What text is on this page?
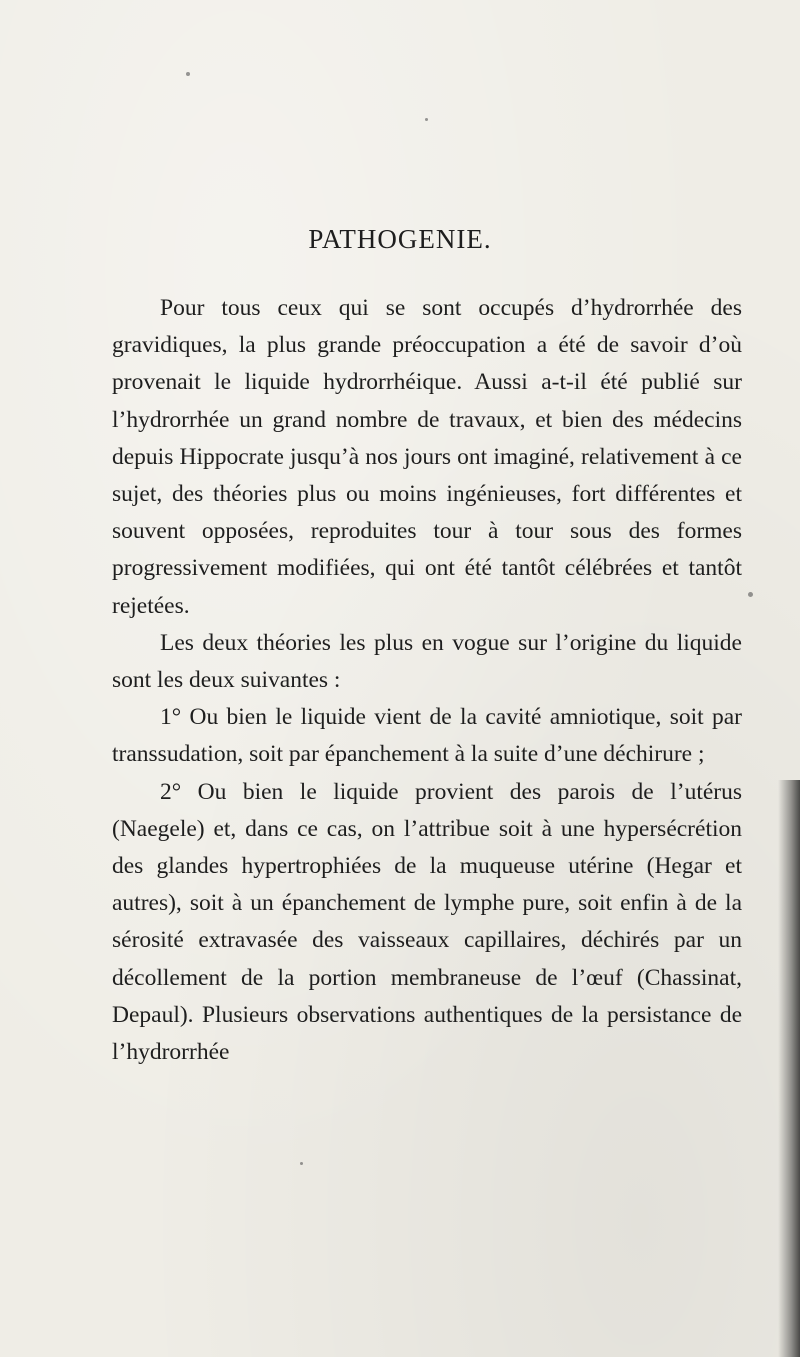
PATHOGENIE.

Pour tous ceux qui se sont occupés d’hydrorrhée des gravidiques, la plus grande préoccupation a été de savoir d’où provenait le liquide hydrorrhéique. Aussi a-t-il été publié sur l’hydrorrhée un grand nombre de travaux, et bien des médecins depuis Hippocrate jusqu’à nos jours ont imaginé, relativement à ce sujet, des théories plus ou moins ingénieuses, fort différentes et souvent opposées, reproduites tour à tour sous des formes progressivement modifiées, qui ont été tantôt célébrées et tantôt rejetées.

Les deux théories les plus en vogue sur l’origine du liquide sont les deux suivantes :

1° Ou bien le liquide vient de la cavité amniotique, soit par transsudation, soit par épanchement à la suite d’une déchirure ;

2° Ou bien le liquide provient des parois de l’utérus (Naegele) et, dans ce cas, on l’attribue soit à une hypersécrétion des glandes hypertrophiées de la muqueuse utérine (Hegar et autres), soit à un épanchement de lymphe pure, soit enfin à de la sérosité extravasée des vaisseaux capillaires, déchirés par un décollement de la portion membraneuse de l’œuf (Chassinat, Depaul). Plusieurs observations authentiques de la persistance de l’hydrorrhée
